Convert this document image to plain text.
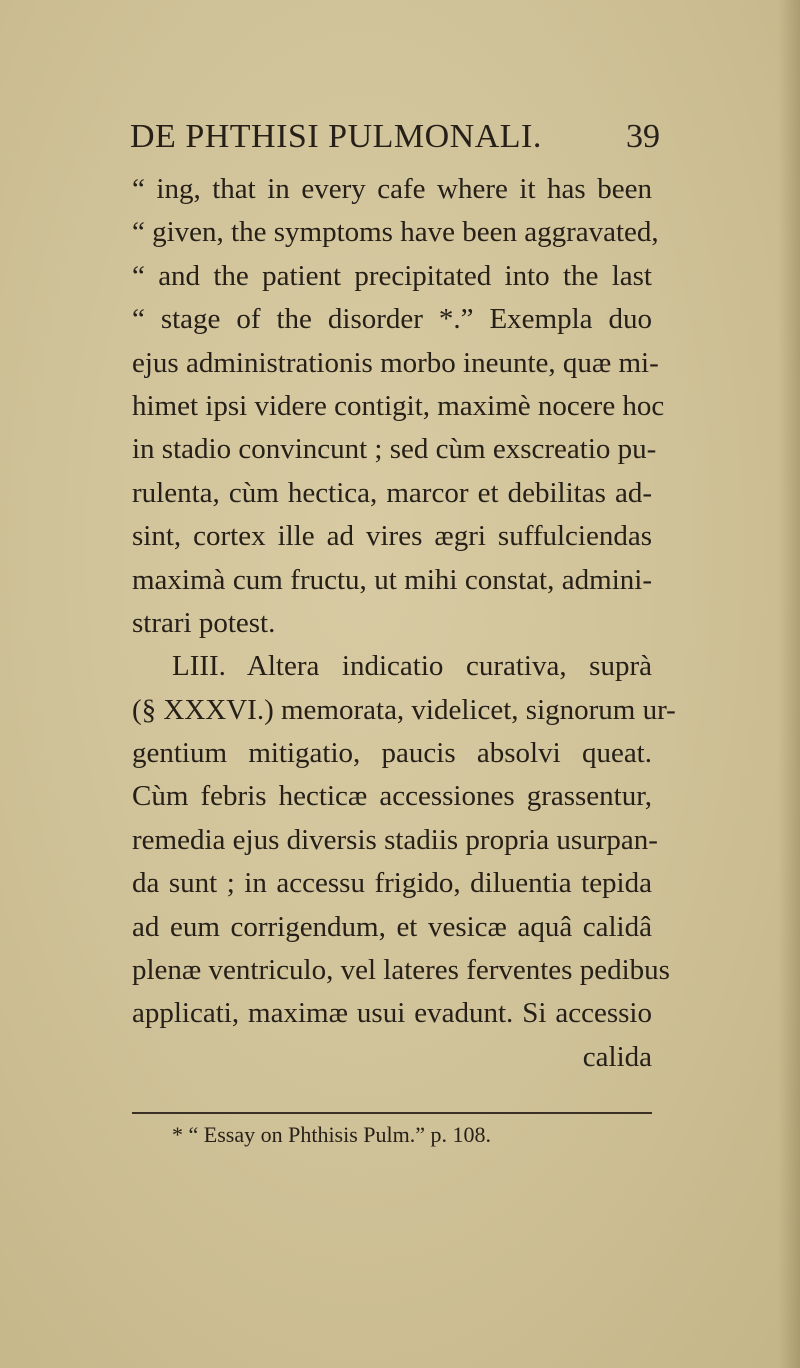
DE PHTHISI PULMONALI. 39
“ ing, that in every cafe where it has been
“ given, the symptoms have been aggravated,
“ and the patient precipitated into the last
“ stage of the disorder *.” Exempla duo
ejus administrationis morbo ineunte, quæ mi-
himet ipsi videre contigit, maximè nocere hoc
in stadio convincunt ; sed cùm exscreatio pu-
rulenta, cùm hectica, marcor et debilitas ad-
sint, cortex ille ad vires ægri suffulciendas
maximà cum fructu, ut mihi constat, admini-
strari potest.
LIII. Altera indicatio curativa, suprà
(§ XXXVI.) memorata, videlicet, signorum ur-
gentium mitigatio, paucis absolvi queat.
Cùm febris hecticæ accessiones grassentur,
remedia ejus diversis stadiis propria usurpan-
da sunt ; in accessu frigido, diluentia tepida
ad eum corrigendum, et vesicæ aquâ calidâ
plenæ ventriculo, vel lateres ferventes pedibus
applicati, maximæ usui evadunt. Si accessio
calida
* “ Essay on Phthisis Pulm.” p. 108.
